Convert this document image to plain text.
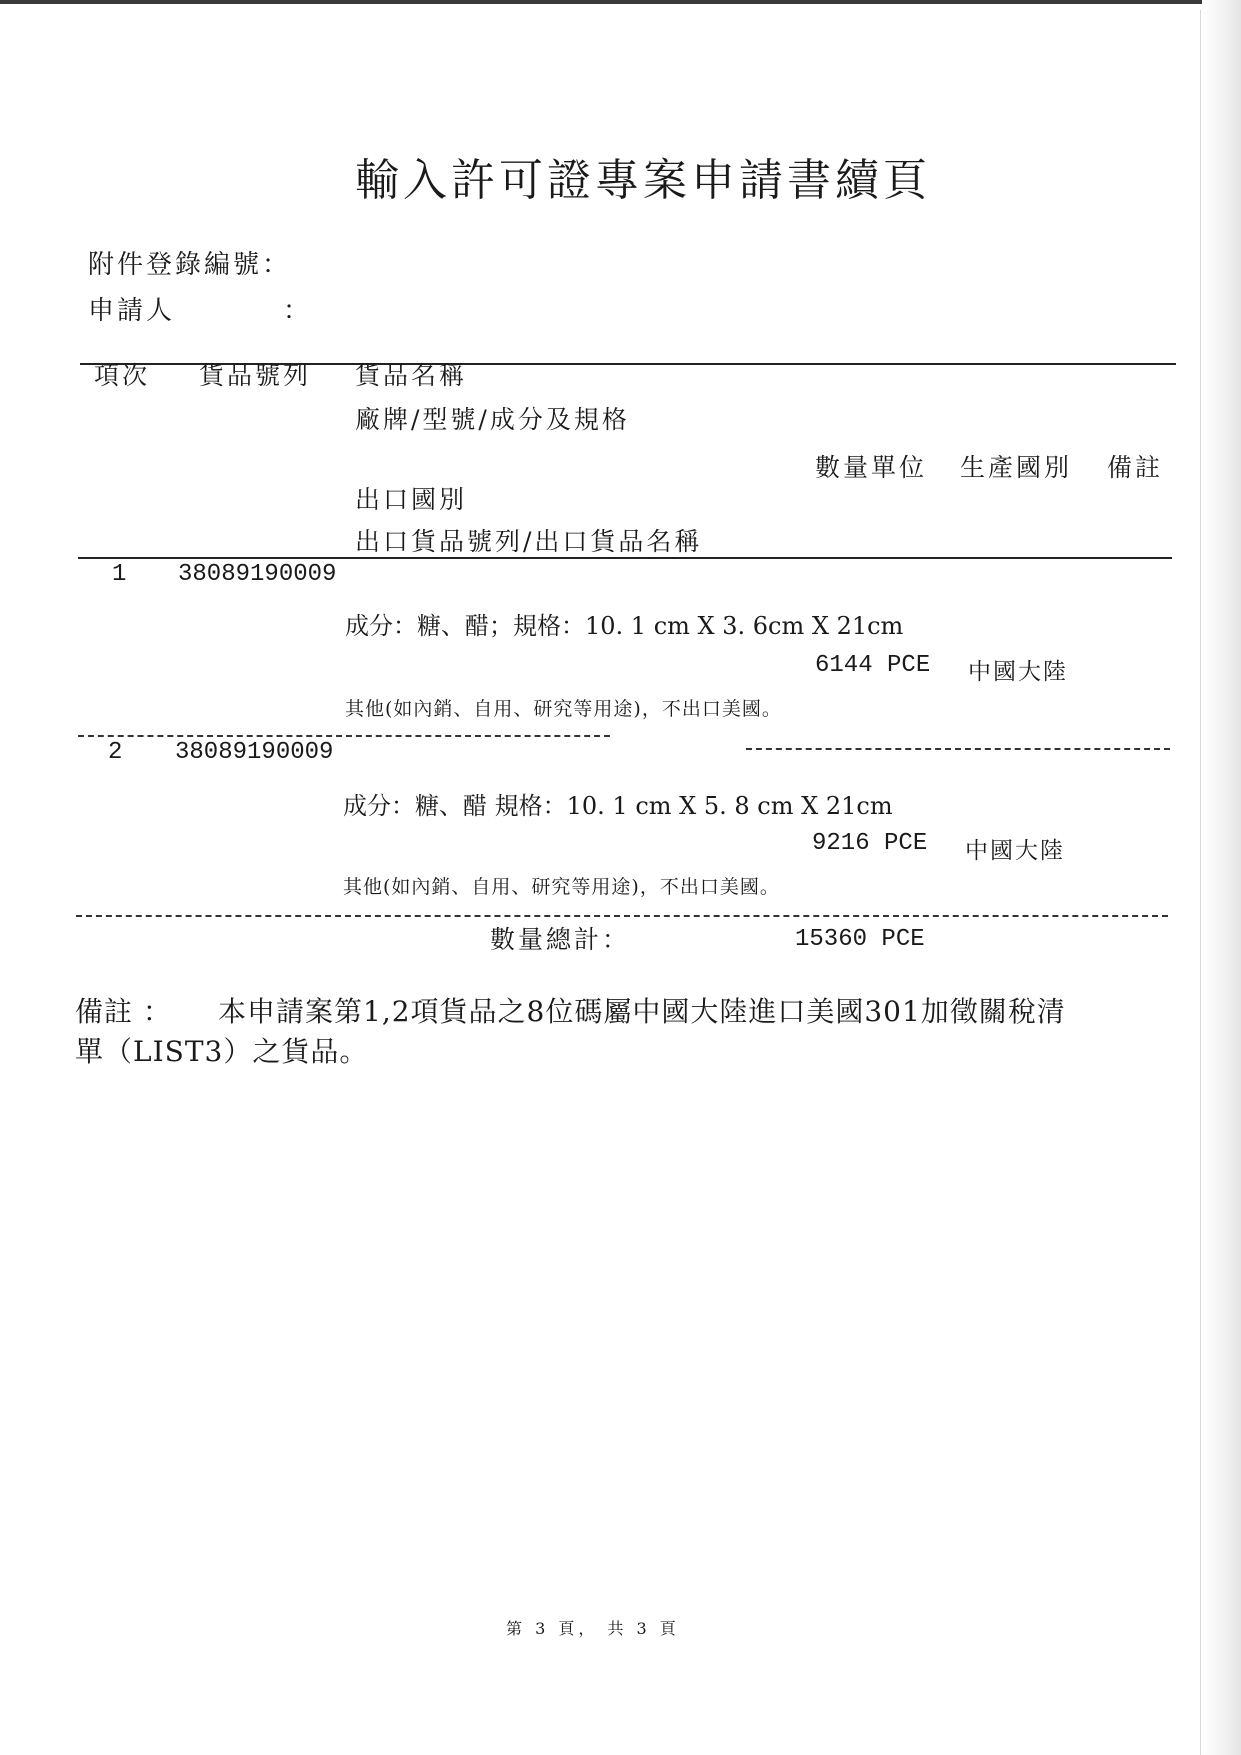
輸入許可證專案申請書續頁
附件登錄編號：
申請人	：
項次 貨品號列 貨品名稱
廠牌/型號/成分及規格
數量單位 生產國別 備註
出口國別
出口貨品號列/出口貨品名稱
1 38089190009
成分：糖、醋；規格：10. 1 cm X 3. 6cm X 21cm
6144 PCE 中國大陸
其他(如內銷、自用、研究等用途)，不出口美國。
2 38089190009
成分：糖、醋 規格：10. 1 cm X 5. 8 cm X 21cm
9216 PCE 中國大陸
其他(如內銷、自用、研究等用途)，不出口美國。
數量總計：	15360 PCE
備註 ： 本申請案第1,2項貨品之8位碼屬中國大陸進口美國301加徵關稅清
單（LIST3）之貨品。
第 3 頁， 共 3 頁
